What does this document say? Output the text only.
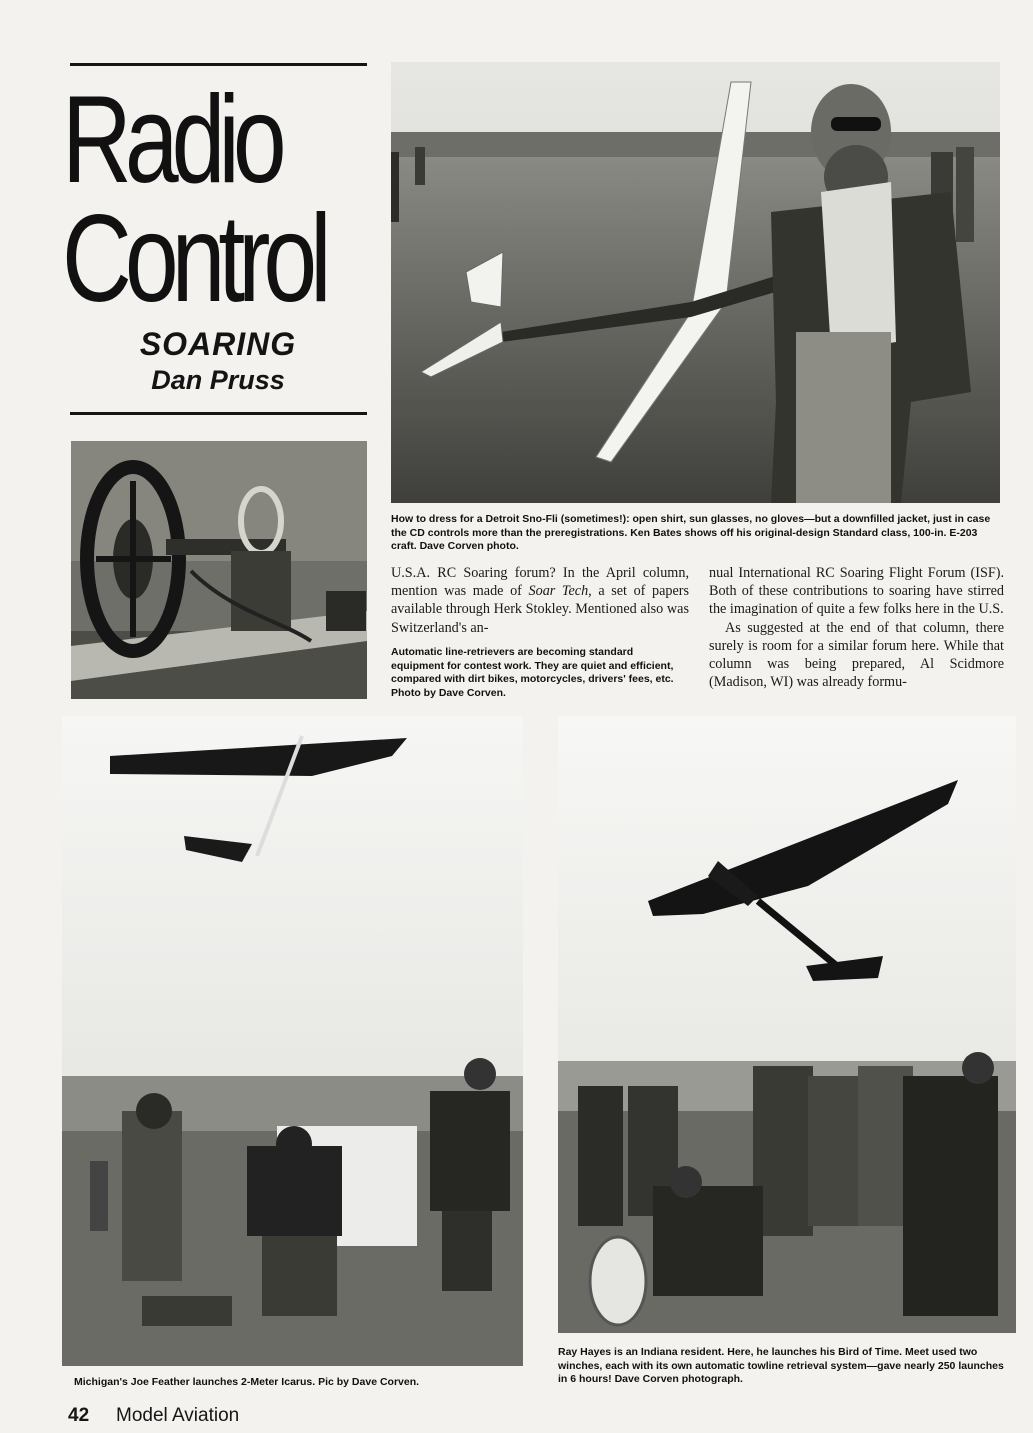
Radio
Control
SOARING
Dan Pruss
How to dress for a Detroit Sno-Fli (sometimes!): open shirt, sun glasses, no gloves—but a downfilled jacket, just in case the CD controls more than the preregistrations. Ken Bates shows off his original-design Standard class, 100-in. E-203 craft. Dave Corven photo.
Automatic line-retrievers are becoming standard equipment for contest work. They are quiet and efficient, compared with dirt bikes, motorcycles, drivers' fees, etc. Photo by Dave Corven.

U.S.A. RC Soaring forum? In the April column, mention was made of Soar Tech, a set of papers available through Herk Stokley. Mentioned also was Switzerland's an-

nual International RC Soaring Flight Forum (ISF). Both of these contributions to soaring have stirred the imagination of quite a few folks here in the U.S.

As suggested at the end of that column, there surely is room for a similar forum here. While that column was being prepared, Al Scidmore (Madison, WI) was already formu-

Michigan's Joe Feather launches 2-Meter Icarus. Pic by Dave Corven.
Ray Hayes is an Indiana resident. Here, he launches his Bird of Time. Meet used two winches, each with its own automatic towline retrieval system—gave nearly 250 launches in 6 hours! Dave Corven photograph.
42 Model Aviation
